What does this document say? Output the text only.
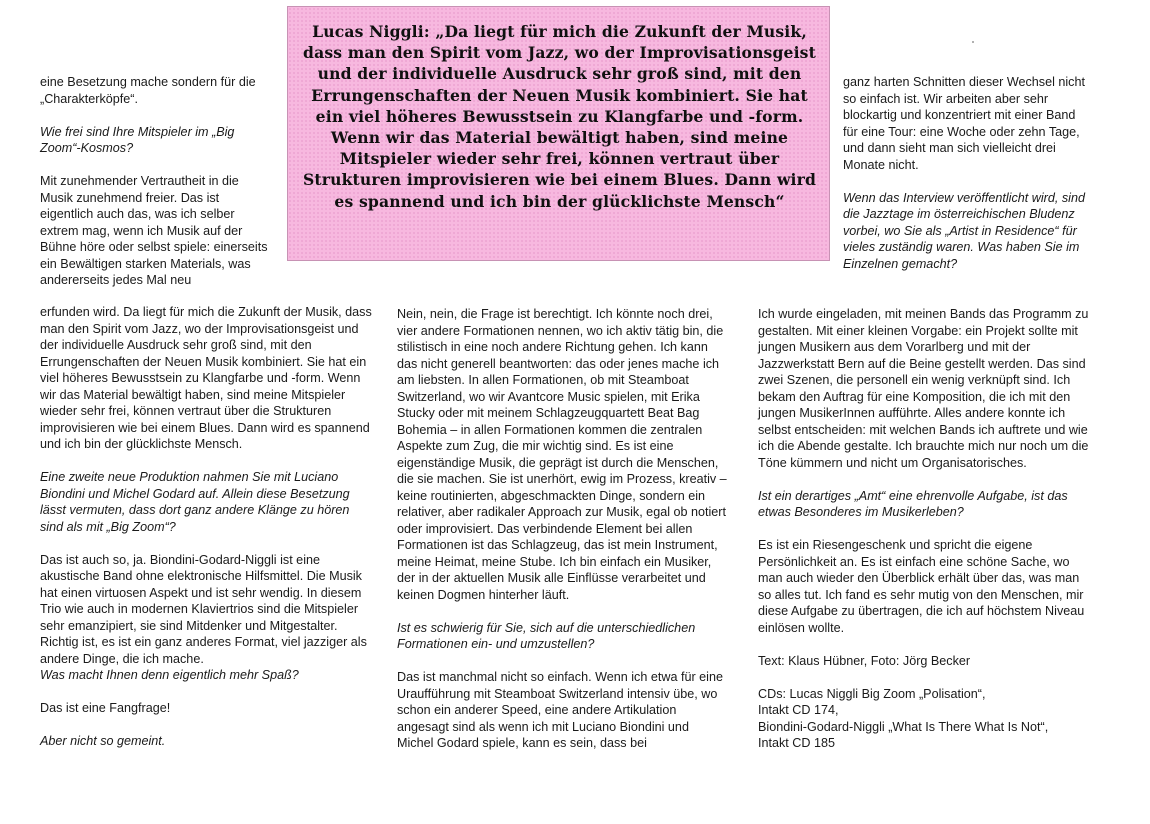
Lucas Niggli: „Da liegt für mich die Zukunft der Musik, dass man den Spirit vom Jazz, wo der Improvisationsgeist und der individuelle Ausdruck sehr groß sind, mit den Errungenschaften der Neuen Musik kombiniert. Sie hat ein viel höheres Bewusstsein zu Klangfarbe und -form. Wenn wir das Material bewältigt haben, sind meine Mitspieler wieder sehr frei, können vertraut über Strukturen improvisieren wie bei einem Blues. Dann wird es spannend und ich bin der glücklichste Mensch“

eine Besetzung mache sondern für die „Charakterköpfe“.

Wie frei sind Ihre Mitspieler im „Big Zoom“-Kosmos?

Mit zunehmender Vertrautheit in die Musik zunehmend freier. Das ist eigentlich auch das, was ich selber extrem mag, wenn ich Musik auf der Bühne höre oder selbst spiele: einerseits ein Bewältigen starken Materials, was andererseits jedes Mal neu

erfunden wird. Da liegt für mich die Zukunft der Musik, dass man den Spirit vom Jazz, wo der Improvisationsgeist und der individuelle Ausdruck sehr groß sind, mit den Errungenschaften der Neuen Musik kombiniert. Sie hat ein viel höheres Bewusstsein zu Klangfarbe und -form. Wenn wir das Material bewältigt haben, sind meine Mitspieler wieder sehr frei, können vertraut über die Strukturen improvisieren wie bei einem Blues. Dann wird es spannend und ich bin der glücklichste Mensch.

Eine zweite neue Produktion nahmen Sie mit Luciano Biondini und Michel Godard auf. Allein diese Besetzung lässt vermuten, dass dort ganz andere Klänge zu hören sind als mit „Big Zoom“?

Das ist auch so, ja. Biondini-Godard-Niggli ist eine akustische Band ohne elektronische Hilfsmittel. Die Musik hat einen virtuosen Aspekt und ist sehr wendig. In diesem Trio wie auch in modernen Klaviertrios sind die Mitspieler sehr emanzipiert, sie sind Mitdenker und Mitgestalter. Richtig ist, es ist ein ganz anderes Format, viel jazziger als andere Dinge, die ich mache.

Was macht Ihnen denn eigentlich mehr Spaß?

Das ist eine Fangfrage!

Aber nicht so gemeint.

Nein, nein, die Frage ist berechtigt. Ich könnte noch drei, vier andere Formationen nennen, wo ich aktiv tätig bin, die stilistisch in eine noch andere Richtung gehen. Ich kann das nicht generell beantworten: das oder jenes mache ich am liebsten. In allen Formationen, ob mit Steamboat Switzerland, wo wir Avantcore Music spielen, mit Erika Stucky oder mit meinem Schlagzeugquartett Beat Bag Bohemia – in allen Formationen kommen die zentralen Aspekte zum Zug, die mir wichtig sind. Es ist eine eigenständige Musik, die geprägt ist durch die Menschen, die sie machen. Sie ist unerhört, ewig im Prozess, kreativ – keine routinierten, abgeschmackten Dinge, sondern ein relativer, aber radikaler Approach zur Musik, egal ob notiert oder improvisiert. Das verbindende Element bei allen Formationen ist das Schlagzeug, das ist mein Instrument, meine Heimat, meine Stube. Ich bin einfach ein Musiker, der in der aktuellen Musik alle Einflüsse verarbeitet und keinen Dogmen hinterher läuft.

Ist es schwierig für Sie, sich auf die unterschiedlichen Formationen ein- und umzustellen?

Das ist manchmal nicht so einfach. Wenn ich etwa für eine Uraufführung mit Steamboat Switzerland intensiv übe, wo schon ein anderer Speed, eine andere Artikulation angesagt sind als wenn ich mit Luciano Biondini und Michel Godard spiele, kann es sein, dass bei

ganz harten Schnitten dieser Wechsel nicht so einfach ist. Wir arbeiten aber sehr blockartig und konzentriert mit einer Band für eine Tour: eine Woche oder zehn Tage, und dann sieht man sich vielleicht drei Monate nicht.

Wenn das Interview veröffentlicht wird, sind die Jazztage im österreichischen Bludenz vorbei, wo Sie als „Artist in Residence“ für vieles zuständig waren. Was haben Sie im Einzelnen gemacht?

Ich wurde eingeladen, mit meinen Bands das Programm zu gestalten. Mit einer kleinen Vorgabe: ein Projekt sollte mit jungen Musikern aus dem Vorarlberg und mit der Jazzwerkstatt Bern auf die Beine gestellt werden. Das sind zwei Szenen, die personell ein wenig verknüpft sind. Ich bekam den Auftrag für eine Komposition, die ich mit den jungen MusikerInnen aufführte. Alles andere konnte ich selbst entscheiden: mit welchen Bands ich auftrete und wie ich die Abende gestalte. Ich brauchte mich nur noch um die Töne kümmern und nicht um Organisatorisches.

Ist ein derartiges „Amt“ eine ehrenvolle Aufgabe, ist das etwas Besonderes im Musikerleben?

Es ist ein Riesengeschenk und spricht die eigene Persönlichkeit an. Es ist einfach eine schöne Sache, wo man auch wieder den Überblick erhält über das, was man so alles tut. Ich fand es sehr mutig von den Menschen, mir diese Aufgabe zu übertragen, die ich auf höchstem Niveau einlösen wollte.

Text: Klaus Hübner, Foto: Jörg Becker

CDs: Lucas Niggli Big Zoom „Polisation“,
Intakt CD 174,
Biondini-Godard-Niggli „What Is There What Is Not“,
Intakt CD 185
